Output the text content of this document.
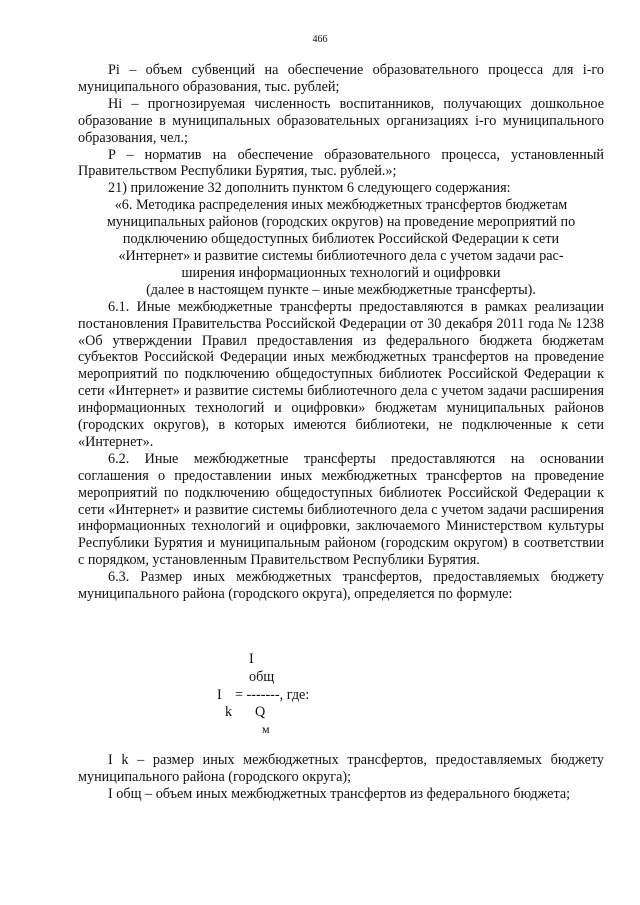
466

Pi – объем субвенций на обеспечение образовательного процесса для i-го муниципального образования, тыс. рублей;

Hi – прогнозируемая численность воспитанников, получающих дошкольное образование в муниципальных образовательных организациях i-го муниципального образования, чел.;

P – норматив на обеспечение образовательного процесса, установленный Правительством Республики Бурятия, тыс. рублей.»;

21) приложение 32 дополнить пунктом 6 следующего содержания:

«6. Методика распределения иных межбюджетных трансфертов бюджетам

муниципальных районов (городских округов) на проведение мероприятий по

подключению общедоступных библиотек Российской Федерации к сети

«Интернет» и развитие системы библиотечного дела с учетом задачи рас-

ширения информационных технологий и оцифровки

(далее в настоящем пункте – иные межбюджетные трансферты).

6.1. Иные межбюджетные трансферты предоставляются в рамках реализации постановления Правительства Российской Федерации от 30 декабря 2011 года № 1238 «Об утверждении Правил предоставления из федерального бюджета бюджетам субъектов Российской Федерации иных межбюджетных трансфертов на проведение мероприятий по подключению общедоступных библиотек Российской Федерации к сети «Интернет» и развитие системы библиотечного дела с учетом задачи расширения информационных технологий и оцифровки» бюджетам муниципальных районов (городских округов), в которых имеются библиотеки, не подключенные к сети «Интернет».

6.2. Иные межбюджетные трансферты предоставляются на основании соглашения о предоставлении иных межбюджетных трансфертов на проведение мероприятий по подключению общедоступных библиотек Российской Федерации к сети «Интернет» и развитие системы библиотечного дела с учетом задачи расширения информационных технологий и оцифровки, заключаемого Министерством культуры Республики Бурятия и муниципальным районом (городским округом) в соответствии с порядком, установленным Правительством Республики Бурятия.

6.3. Размер иных межбюджетных трансфертов, предоставляемых бюджету муниципального района (городского округа), определяется по формуле:

I
общ
I = -------, где:
k Q
м

I k – размер иных межбюджетных трансфертов, предоставляемых бюджету муниципального района (городского округа);

I общ – объем иных межбюджетных трансфертов из федерального бюджета;
